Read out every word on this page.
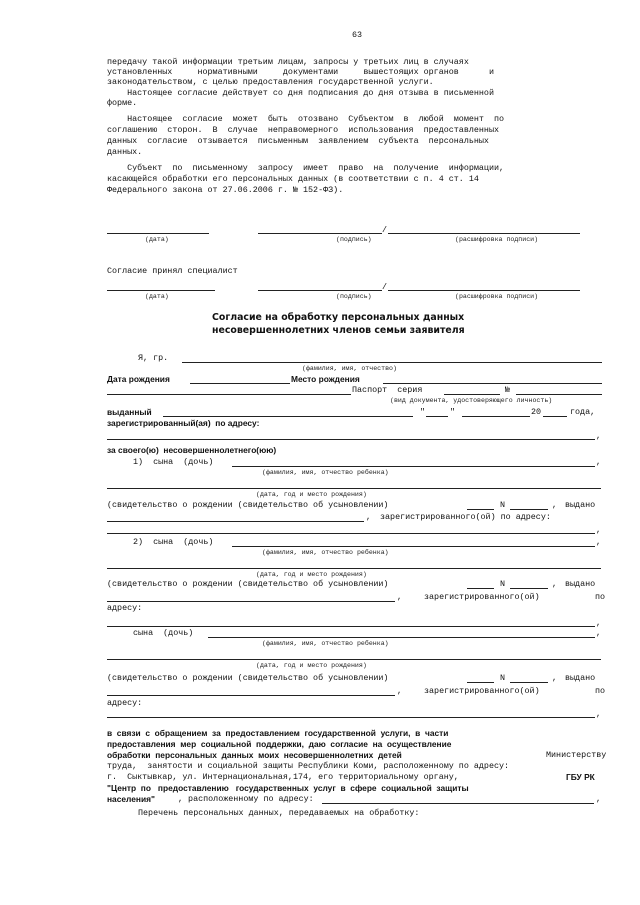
63
передачу такой информации третьим лицам, запросы у третьих лиц в случаях
установленных     нормативными     документами     вышестоящих органов      и
законодательством, с целью предоставления государственной услуги.
Настоящее согласие действует со дня подписания до дня отзыва в письменной
форме.
Настоящее  согласие  может  быть  отозвано  Субъектом  в  любой  момент  по
соглашению  сторон.  В  случае  неправомерного  использования  предоставленных
данных  согласие  отзывается  письменным  заявлением  субъекта  персональных
данных.
Субъект  по  письменному  запросу  имеет  право  на  получение  информации,
касающейся обработки его персональных данных (в соответствии с п. 4 ст. 14
Федерального закона от 27.06.2006 г. № 152-ФЗ).
/
(дата)	(подпись)	(расшифровка подписи)
Согласие принял специалист
/
(дата)	(подпись)	(расшифровка подписи)
Согласие на обработку персональных данных
несовершеннолетних членов семьи заявителя
Я, гр.
(фамилия, имя, отчество)
Дата рождения	Место рождения
Паспорт  серия	№
(вид документа, удостоверяющего личность)
выданный	"	"	20	года,
зарегистрированный(ая)  по адресу:
,
за своего(ю)  несовершеннолетнего(юю)
1)  сына  (дочь)	,
(фамилия, имя, отчество ребенка)
(дата, год и место рождения)
(свидетельство о рождении (свидетельство об усыновлении)	N	, выдано
, зарегистрированного(ой) по адресу:
,
2)  сына  (дочь)	,
(фамилия, имя, отчество ребенка)
(дата, год и место рождения)
(свидетельство о рождении (свидетельство об усыновлении)	N	, выдано
,	зарегистрированного(ой)	по
адресу:
,
сына  (дочь)	,
(фамилия, имя, отчество ребенка)
(дата, год и место рождения)
(свидетельство о рождении (свидетельство об усыновлении)	N	, выдано
,	зарегистрированного(ой)	по
адресу:
,
в  связи  с  обращением  за  предоставлением  государственной  услуги,  в  части
предоставления  мер  социальной  поддержки,  даю  согласие  на  осуществление
обработки  персональных  данных  моих  несовершеннолетних  детей	Министерству
труда,  занятости и социальной защиты Республики Коми, расположенному по адресу:
г.  Сыктывкар, ул. Интернациональная,174, его территориальному органу,	ГБУ РК
"Центр  по   предоставлению   государственных  услуг  в  сфере  социальной  защиты
населения"	, расположенному по адресу:	,
Перечень персональных данных, передаваемых на обработку:
